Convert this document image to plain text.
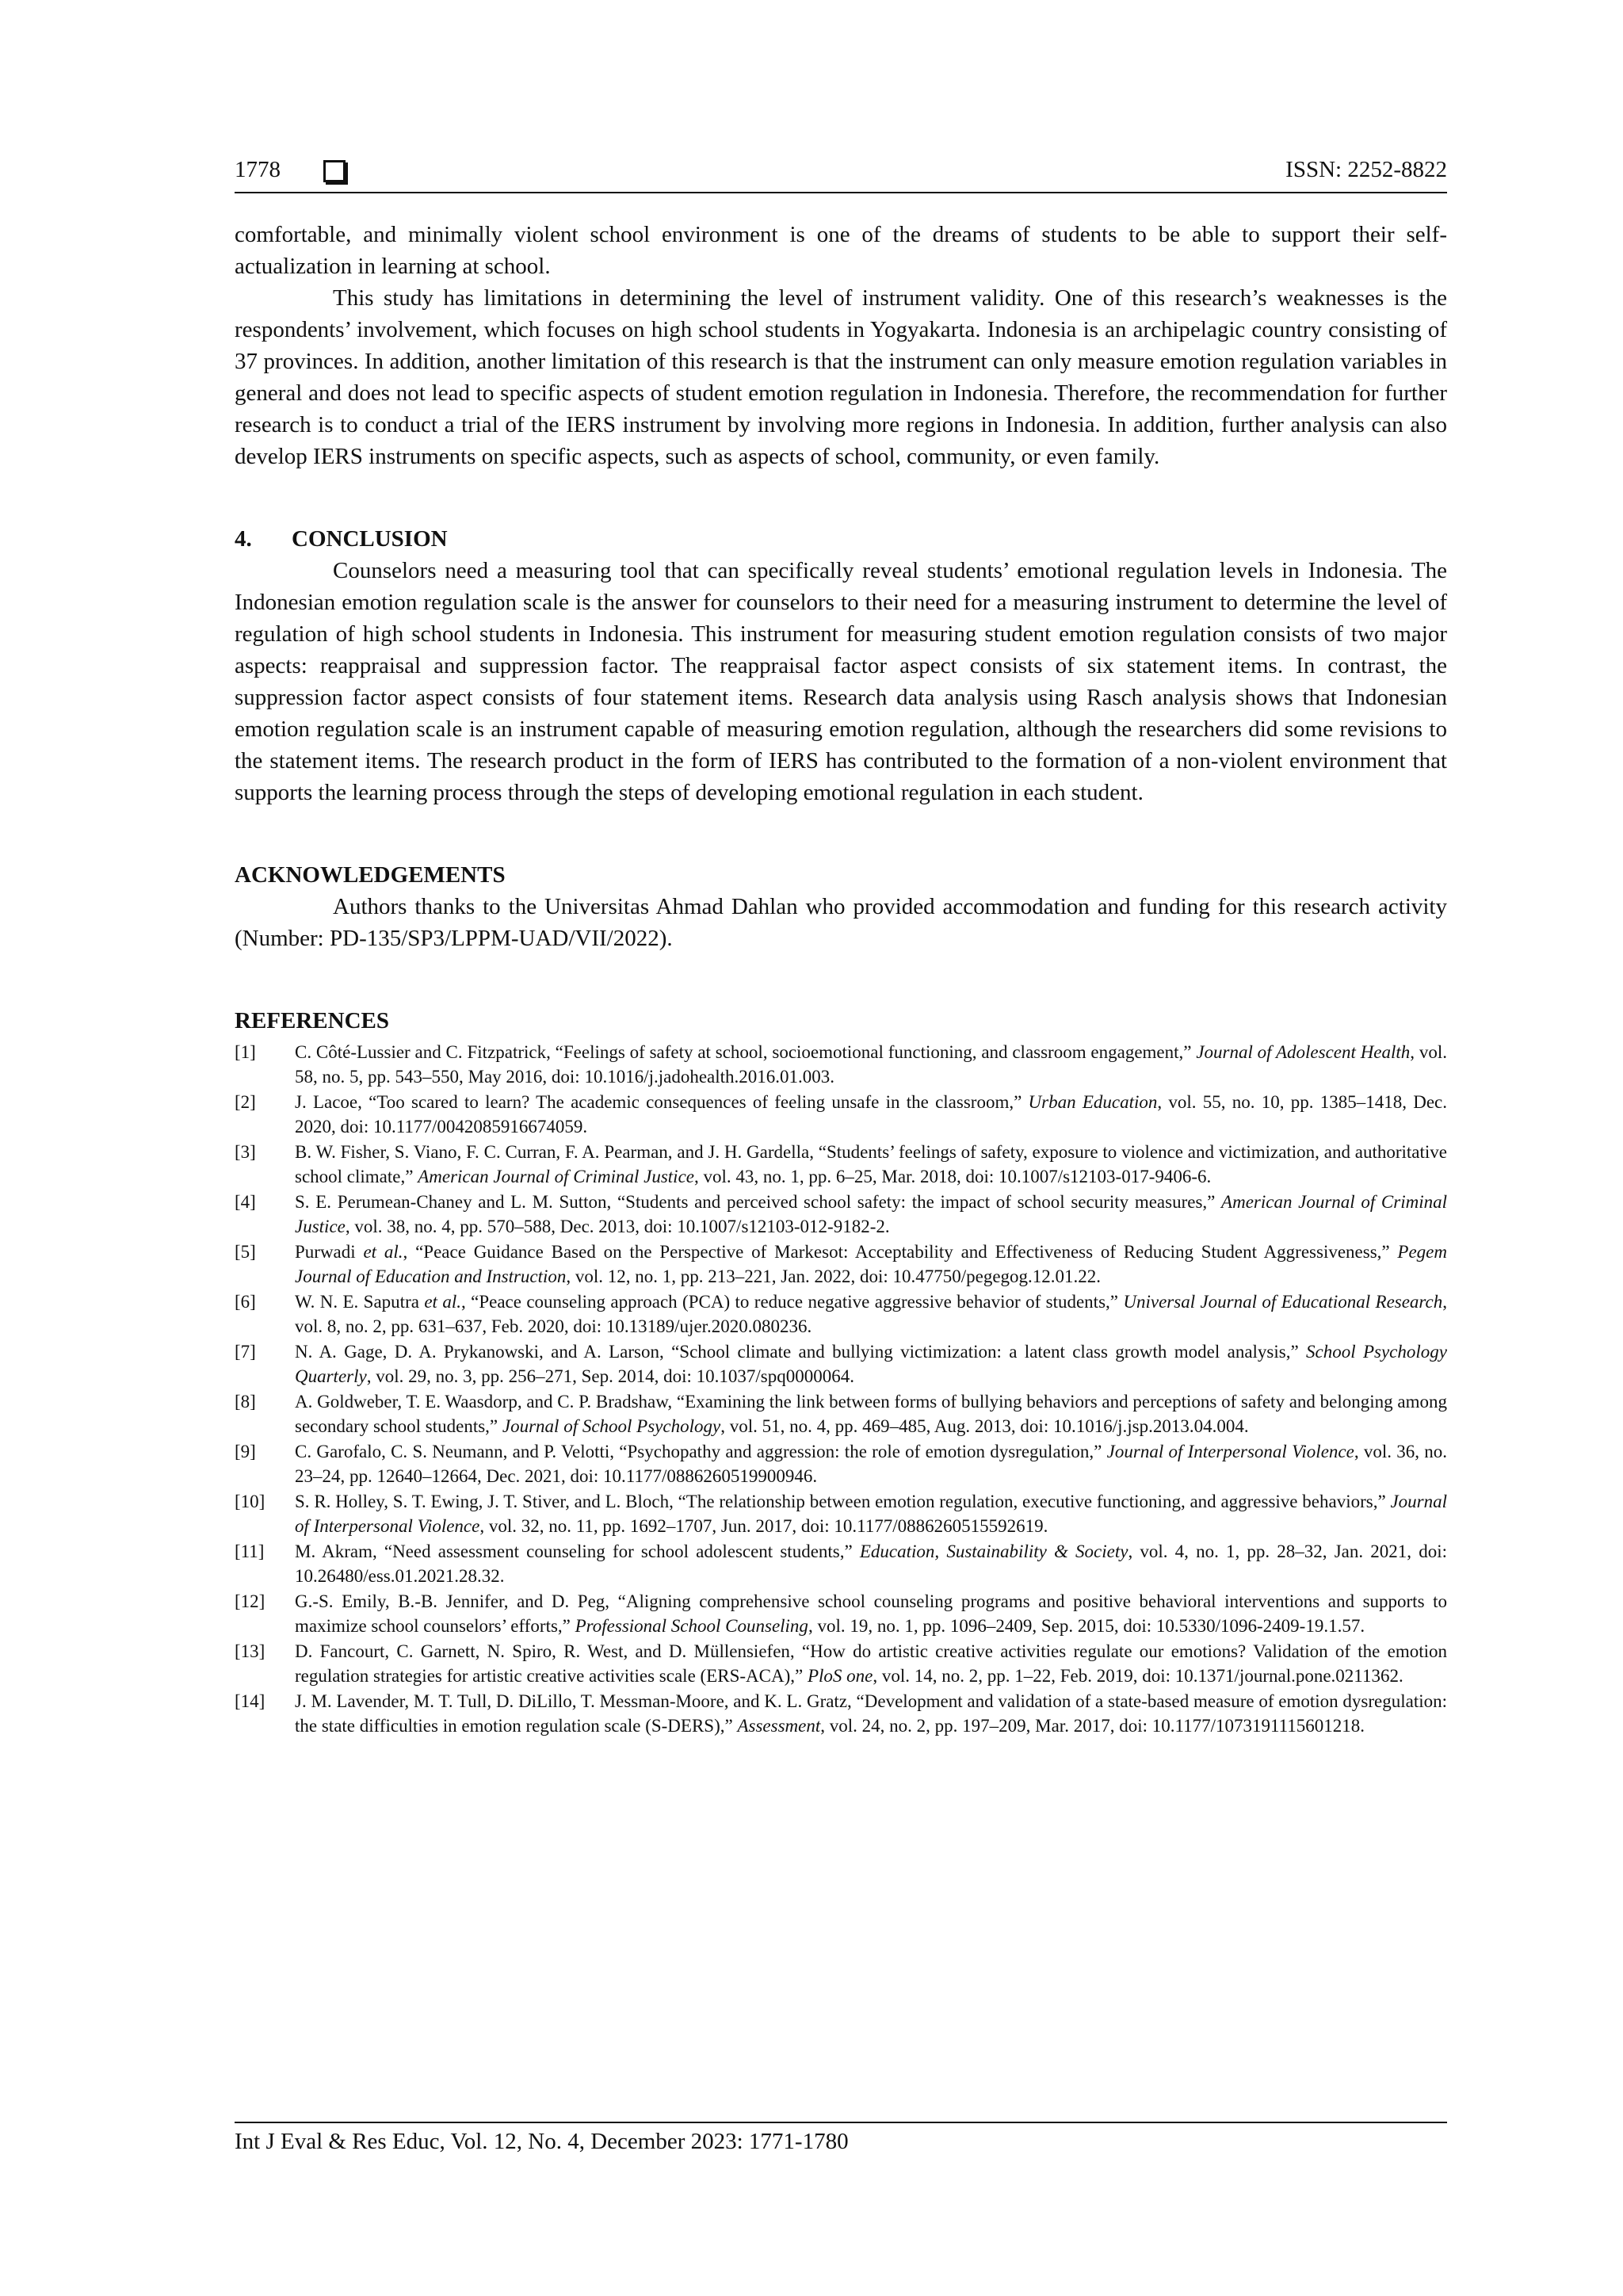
1778	ISSN: 2252-8822

comfortable, and minimally violent school environment is one of the dreams of students to be able to support their self-actualization in learning at school.

This study has limitations in determining the level of instrument validity. One of this research’s weaknesses is the respondents’ involvement, which focuses on high school students in Yogyakarta. Indonesia is an archipelagic country consisting of 37 provinces. In addition, another limitation of this research is that the instrument can only measure emotion regulation variables in general and does not lead to specific aspects of student emotion regulation in Indonesia. Therefore, the recommendation for further research is to conduct a trial of the IERS instrument by involving more regions in Indonesia. In addition, further analysis can also develop IERS instruments on specific aspects, such as aspects of school, community, or even family.

4. CONCLUSION

Counselors need a measuring tool that can specifically reveal students’ emotional regulation levels in Indonesia. The Indonesian emotion regulation scale is the answer for counselors to their need for a measuring instrument to determine the level of regulation of high school students in Indonesia. This instrument for measuring student emotion regulation consists of two major aspects: reappraisal and suppression factor. The reappraisal factor aspect consists of six statement items. In contrast, the suppression factor aspect consists of four statement items. Research data analysis using Rasch analysis shows that Indonesian emotion regulation scale is an instrument capable of measuring emotion regulation, although the researchers did some revisions to the statement items. The research product in the form of IERS has contributed to the formation of a non-violent environment that supports the learning process through the steps of developing emotional regulation in each student.

ACKNOWLEDGEMENTS

Authors thanks to the Universitas Ahmad Dahlan who provided accommodation and funding for this research activity (Number: PD-135/SP3/LPPM-UAD/VII/2022).

REFERENCES
[1]	C. Côté-Lussier and C. Fitzpatrick, “Feelings of safety at school, socioemotional functioning, and classroom engagement,” Journal of Adolescent Health, vol. 58, no. 5, pp. 543–550, May 2016, doi: 10.1016/j.jadohealth.2016.01.003.
[2]	J. Lacoe, “Too scared to learn? The academic consequences of feeling unsafe in the classroom,” Urban Education, vol. 55, no. 10, pp. 1385–1418, Dec. 2020, doi: 10.1177/0042085916674059.
[3]	B. W. Fisher, S. Viano, F. C. Curran, F. A. Pearman, and J. H. Gardella, “Students’ feelings of safety, exposure to violence and victimization, and authoritative school climate,” American Journal of Criminal Justice, vol. 43, no. 1, pp. 6–25, Mar. 2018, doi: 10.1007/s12103-017-9406-6.
[4]	S. E. Perumean-Chaney and L. M. Sutton, “Students and perceived school safety: the impact of school security measures,” American Journal of Criminal Justice, vol. 38, no. 4, pp. 570–588, Dec. 2013, doi: 10.1007/s12103-012-9182-2.
[5]	Purwadi et al., “Peace Guidance Based on the Perspective of Markesot: Acceptability and Effectiveness of Reducing Student Aggressiveness,” Pegem Journal of Education and Instruction, vol. 12, no. 1, pp. 213–221, Jan. 2022, doi: 10.47750/pegegog.12.01.22.
[6]	W. N. E. Saputra et al., “Peace counseling approach (PCA) to reduce negative aggressive behavior of students,” Universal Journal of Educational Research, vol. 8, no. 2, pp. 631–637, Feb. 2020, doi: 10.13189/ujer.2020.080236.
[7]	N. A. Gage, D. A. Prykanowski, and A. Larson, “School climate and bullying victimization: a latent class growth model analysis,” School Psychology Quarterly, vol. 29, no. 3, pp. 256–271, Sep. 2014, doi: 10.1037/spq0000064.
[8]	A. Goldweber, T. E. Waasdorp, and C. P. Bradshaw, “Examining the link between forms of bullying behaviors and perceptions of safety and belonging among secondary school students,” Journal of School Psychology, vol. 51, no. 4, pp. 469–485, Aug. 2013, doi: 10.1016/j.jsp.2013.04.004.
[9]	C. Garofalo, C. S. Neumann, and P. Velotti, “Psychopathy and aggression: the role of emotion dysregulation,” Journal of Interpersonal Violence, vol. 36, no. 23–24, pp. 12640–12664, Dec. 2021, doi: 10.1177/0886260519900946.
[10]	S. R. Holley, S. T. Ewing, J. T. Stiver, and L. Bloch, “The relationship between emotion regulation, executive functioning, and aggressive behaviors,” Journal of Interpersonal Violence, vol. 32, no. 11, pp. 1692–1707, Jun. 2017, doi: 10.1177/0886260515592619.
[11]	M. Akram, “Need assessment counseling for school adolescent students,” Education, Sustainability & Society, vol. 4, no. 1, pp. 28–32, Jan. 2021, doi: 10.26480/ess.01.2021.28.32.
[12]	G.-S. Emily, B.-B. Jennifer, and D. Peg, “Aligning comprehensive school counseling programs and positive behavioral interventions and supports to maximize school counselors’ efforts,” Professional School Counseling, vol. 19, no. 1, pp. 1096–2409, Sep. 2015, doi: 10.5330/1096-2409-19.1.57.
[13]	D. Fancourt, C. Garnett, N. Spiro, R. West, and D. Müllensiefen, “How do artistic creative activities regulate our emotions? Validation of the emotion regulation strategies for artistic creative activities scale (ERS-ACA),” PloS one, vol. 14, no. 2, pp. 1–22, Feb. 2019, doi: 10.1371/journal.pone.0211362.
[14]	J. M. Lavender, M. T. Tull, D. DiLillo, T. Messman-Moore, and K. L. Gratz, “Development and validation of a state-based measure of emotion dysregulation: the state difficulties in emotion regulation scale (S-DERS),” Assessment, vol. 24, no. 2, pp. 197–209, Mar. 2017, doi: 10.1177/1073191115601218.
Int J Eval & Res Educ, Vol. 12, No. 4, December 2023: 1771-1780
